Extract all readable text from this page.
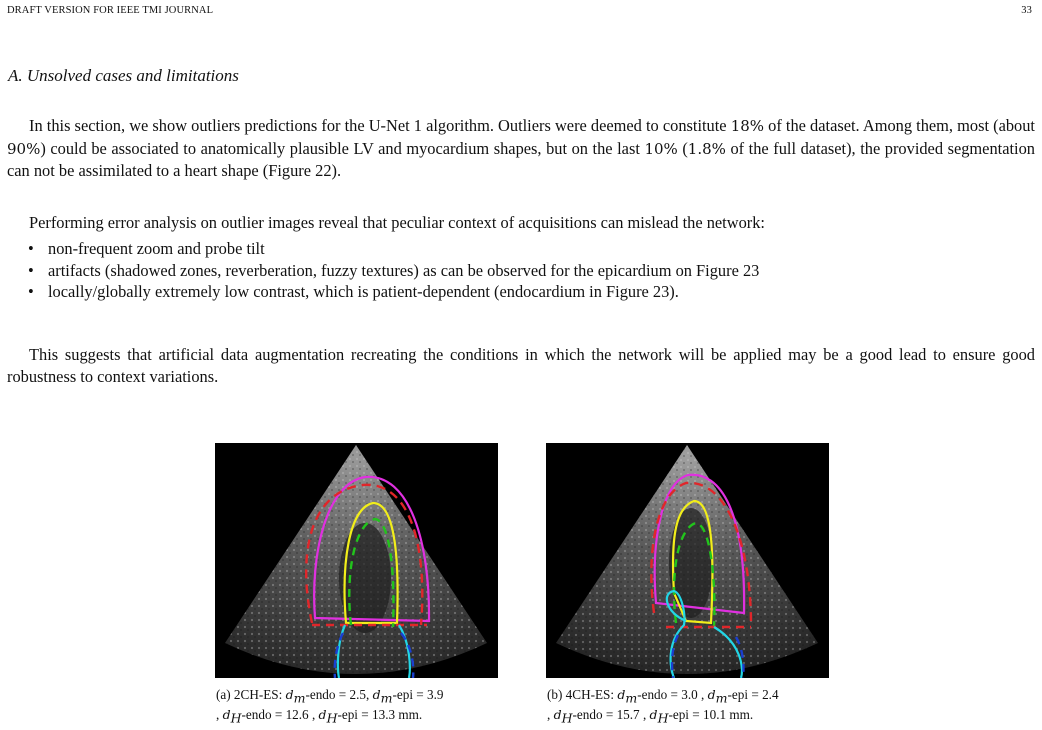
DRAFT VERSION FOR IEEE TMI JOURNAL	33
A. Unsolved cases and limitations
In this section, we show outliers predictions for the U-Net 1 algorithm. Outliers were deemed to constitute 18% of the dataset. Among them, most (about 90%) could be associated to anatomically plausible LV and myocardium shapes, but on the last 10% (1.8% of the full dataset), the provided segmentation can not be assimilated to a heart shape (Figure 22).
Performing error analysis on outlier images reveal that peculiar context of acquisitions can mislead the network:
• non-frequent zoom and probe tilt
• artifacts (shadowed zones, reverberation, fuzzy textures) as can be observed for the epicardium on Figure 23
• locally/globally extremely low contrast, which is patient-dependent (endocardium in Figure 23).
This suggests that artificial data augmentation recreating the conditions in which the network will be applied may be a good lead to ensure good robustness to context variations.
(a) 2CH-ES: $d_m$-endo = 2.5, $d_m$-epi = 3.9
, $d_H$-endo = 12.6 , $d_H$-epi = 13.3 mm.
(b) 4CH-ES: $d_m$-endo = 3.0 , $d_m$-epi = 2.4
, $d_H$-endo = 15.7 , $d_H$-epi = 10.1 mm.
